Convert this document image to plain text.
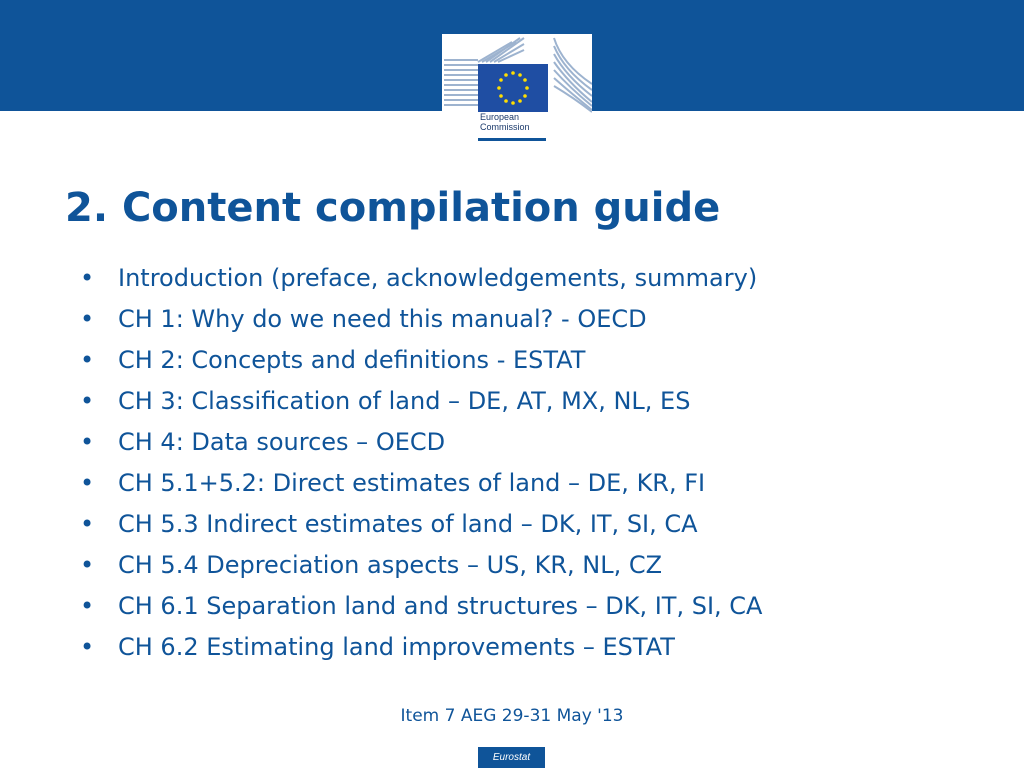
European
Commission
2. Content compilation guide
• Introduction (preface, acknowledgements, summary)
• CH 1: Why do we need this manual? - OECD
• CH 2: Concepts and definitions - ESTAT
• CH 3: Classification of land – DE, AT, MX, NL, ES
• CH 4: Data sources – OECD
• CH 5.1+5.2: Direct estimates of land – DE, KR, FI
• CH 5.3 Indirect estimates of land – DK, IT, SI, CA
• CH 5.4 Depreciation aspects – US, KR, NL, CZ
• CH 6.1 Separation land and structures – DK, IT, SI, CA
• CH 6.2 Estimating land improvements – ESTAT
Item 7 AEG 29-31 May '13
Eurostat
